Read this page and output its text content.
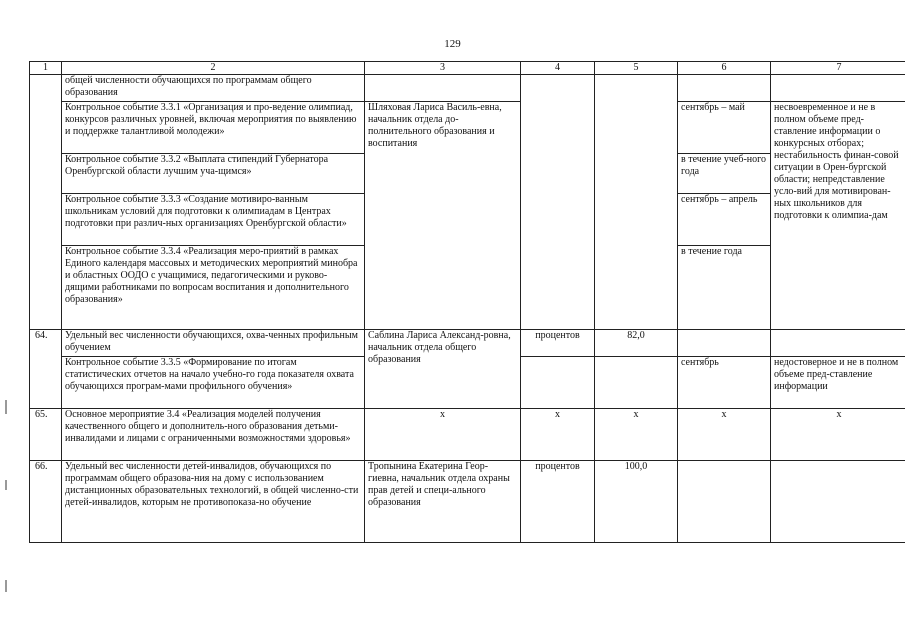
129
1	2	3	4	5	6	7
	общей численности обучающихся по программам общего образования					
	Контрольное событие 3.3.1 «Организация и про-ведение олимпиад, конкурсов различных уровней, включая мероприятия по выявлению и поддержке талантливой молодежи»	Шляховая Лариса Василь-евна, начальник отдела до-полнительного образования и воспитания			сентябрь – май	несвоевременное и не в полном объеме пред-ставление информации о конкурсных отборах; нестабильность финан-совой ситуации в Орен-бургской области; непредставление усло-вий для мотивирован-ных школьников для подготовки к олимпиа-дам
	Контрольное событие 3.3.2 «Выплата стипендий Губернатора Оренбургской области лучшим уча-щимся»				в течение учеб-ного года	
	Контрольное событие 3.3.3 «Создание мотивиро-ванным школьникам условий для подготовки к олимпиадам в Центрах подготовки при различ-ных организациях Оренбургской области»				сентябрь – апрель	
	Контрольное событие 3.3.4 «Реализация меро-приятий в рамках Единого календаря массовых и методических мероприятий минобра и областных ООДО с учащимися, педагогическими и руково-дящими работниками по вопросам воспитания и дополнительного образования»				в течение года	
64.	Удельный вес численности обучающихся, охва-ченных профильным обучением	Саблина Лариса Александ-ровна, начальник отдела общего образования	процентов	82,0		
	Контрольное событие 3.3.5 «Формирование по итогам статистических отчетов на начало учебно-го года показателя охвата обучающихся програм-мами профильного обучения»				сентябрь	недостоверное и не в полном объеме пред-ставление информации
65.	Основное мероприятие 3.4 «Реализация моделей получения качественного общего и дополнитель-ного образования детьми-инвалидами и лицами с ограниченными возможностями здоровья»	х	х	х	х	х
66.	Удельный вес численности детей-инвалидов, обучающихся по программам общего образова-ния на дому с использованием дистанционных образовательных технологий, в общей численно-сти детей-инвалидов, которым не противопоказа-но обучение	Тропынина Екатерина Геор-гиевна, начальник отдела охраны прав детей и специ-ального образования	процентов	100,0		
